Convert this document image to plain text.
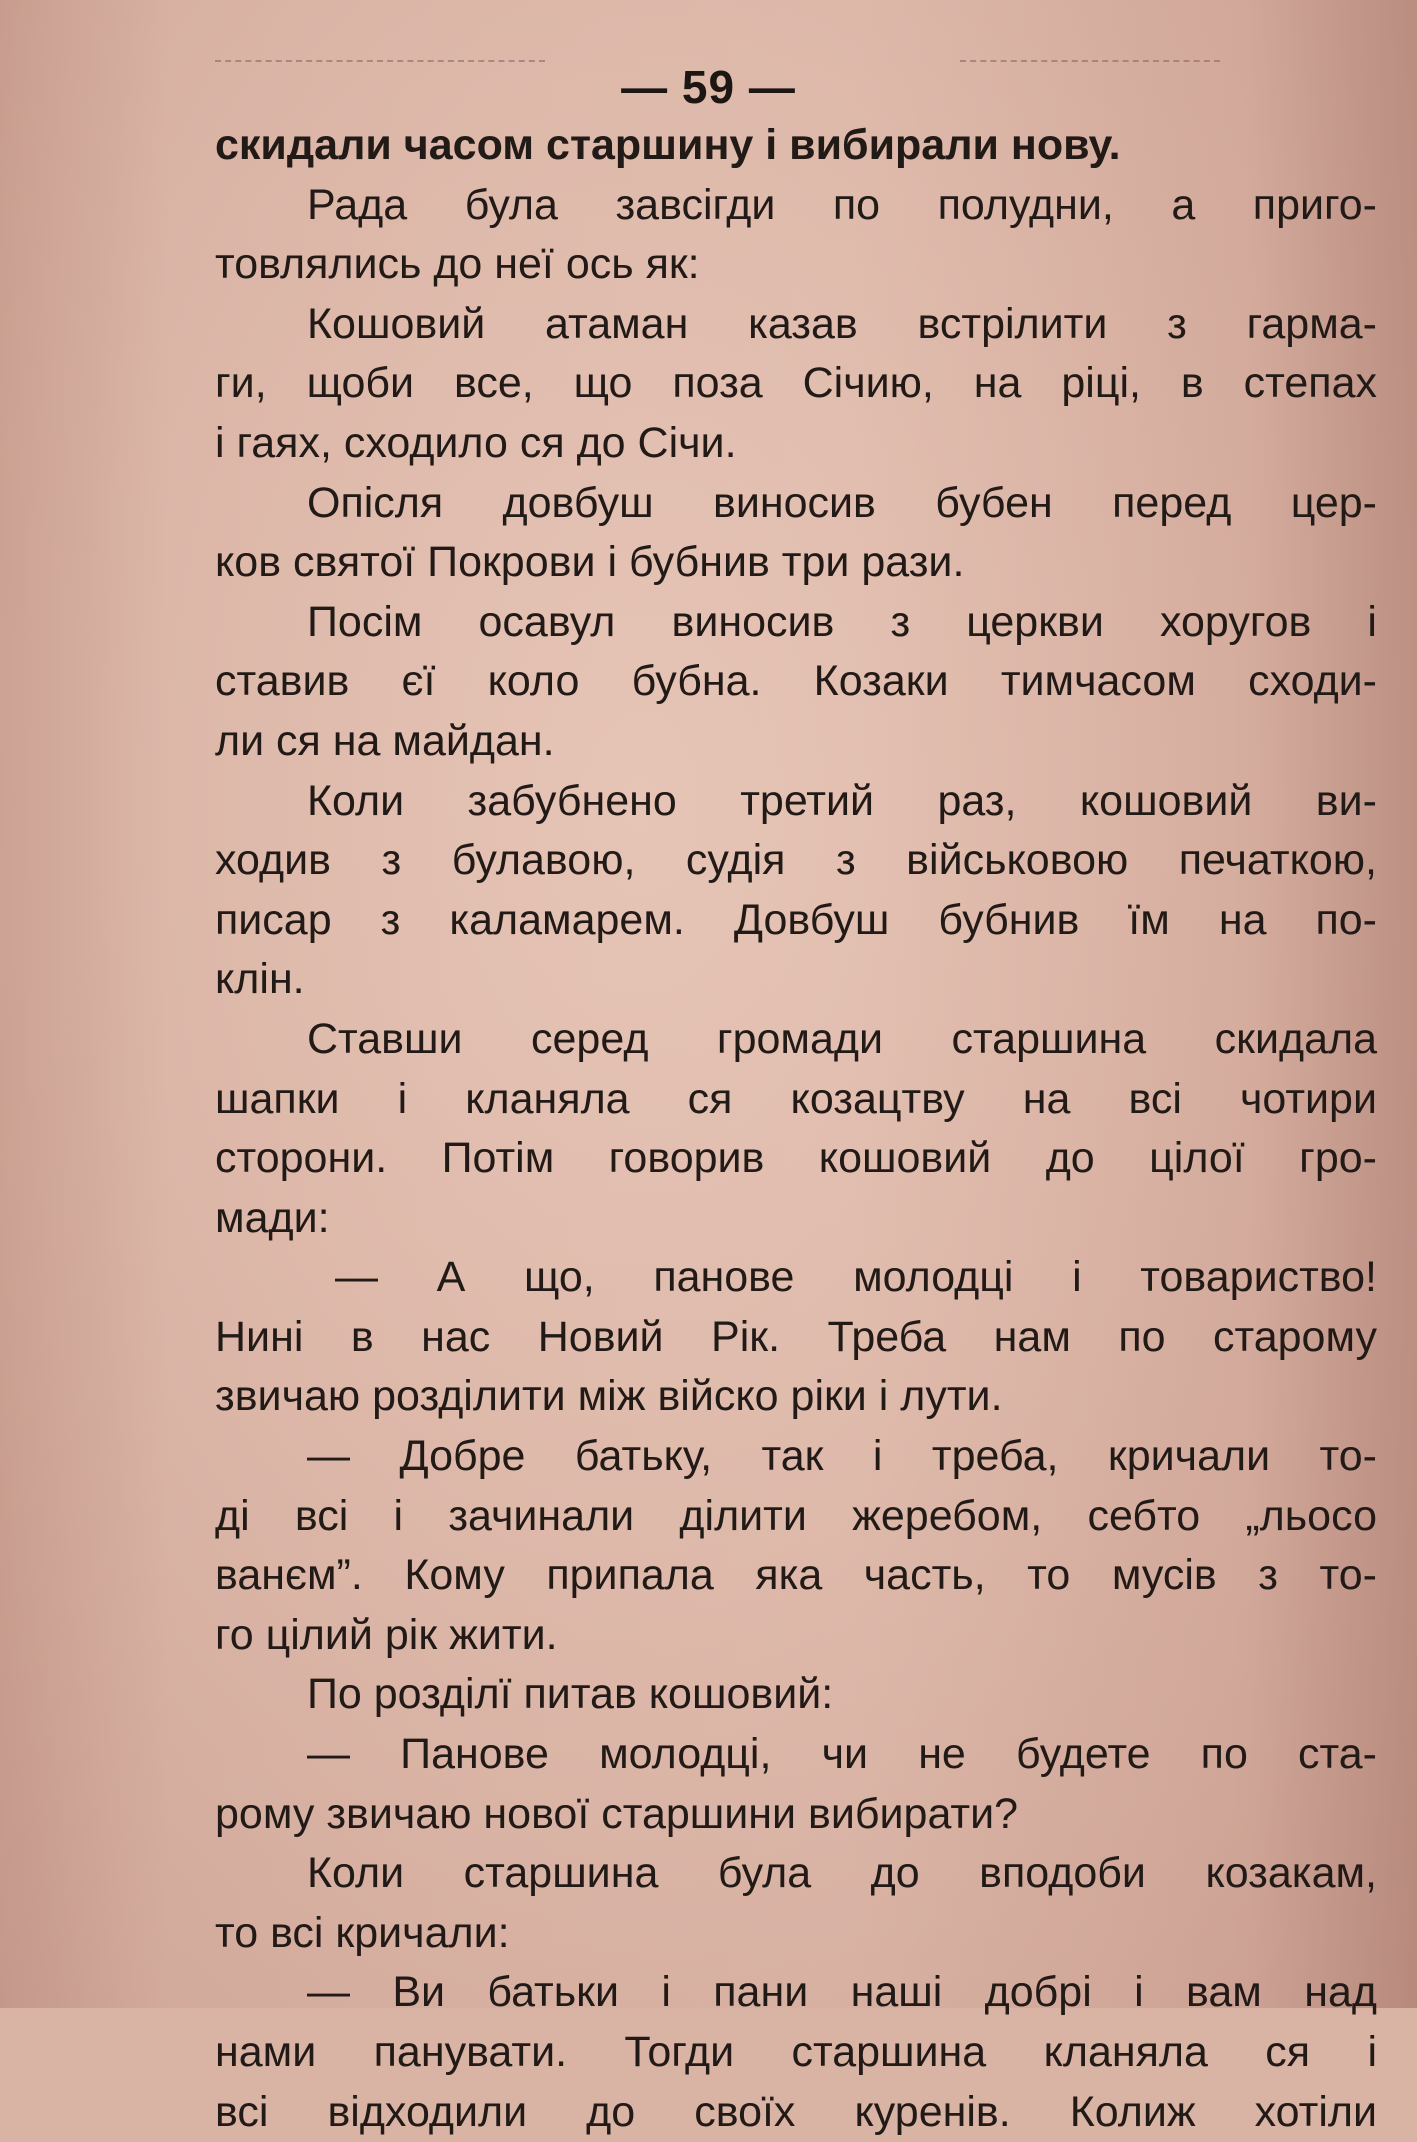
— 59 —
скидали часом старшину і вибирали нову.
Рада була завсігди по полудни, а приго-
товлялись до неї ось як:
Кошовий атаман казав встрілити з гарма-
ги, щоби все, що поза Січию, на ріці, в степах
і гаях, сходило ся до Січи.
Опісля довбуш виносив бубен перед цер-
ков святої Покрови і бубнив три рази.
Посім осавул виносив з церкви хоругов і
ставив єї коло бубна. Козаки тимчасом сходи-
ли ся на майдан.
Коли забубнено третий раз, кошовий ви-
ходив з булавою, судія з військовою печаткою,
писар з каламарем. Довбуш бубнив їм на по-
клін.
Ставши серед громади старшина скидала
шапки і кланяла ся козацтву на всі чотири
сторони. Потім говорив кошовий до цілої гро-
мади:
— А що, панове молодці і товариство!
Нині в нас Новий Рік. Треба нам по старому
звичаю розділити між війско ріки і лути.
— Добре батьку, так і треба, кричали то-
ді всі і зачинали ділити жеребом, себто „льосо
ванєм”. Кому припала яка часть, то мусів з то-
го цілий рік жити.
По розділї питав кошовий:
— Панове молодці, чи не будете по ста-
рому звичаю нової старшини вибирати?
Коли старшина була до вподоби козакам,
то всі кричали:
— Ви батьки і пани наші добрі і вам над
нами панувати. Тогди старшина кланяла ся і
всі відходили до своїх куренів. Колиж хотіли
